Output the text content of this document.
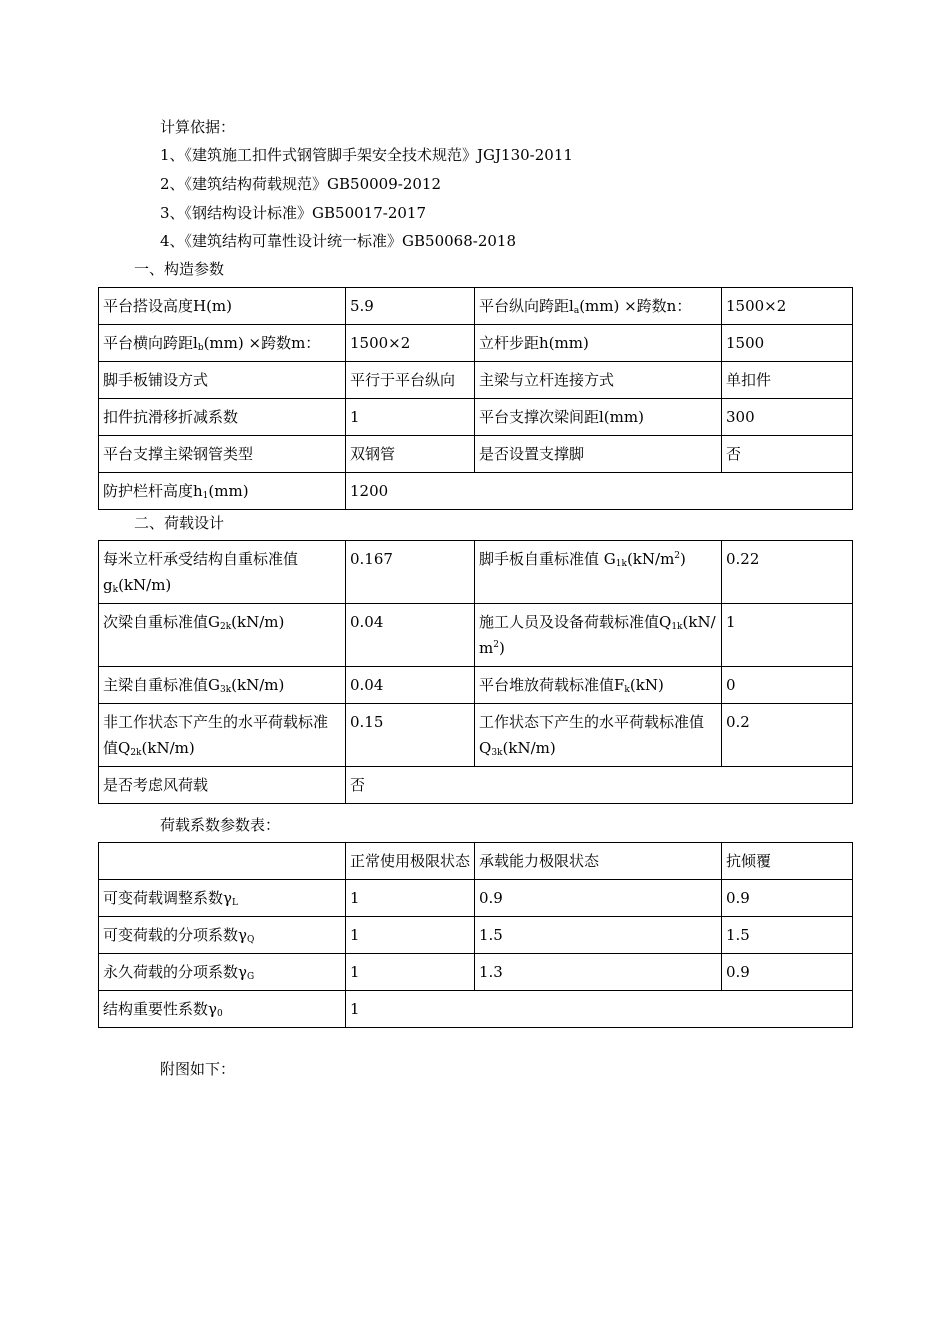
计算依据：
1、《建筑施工扣件式钢管脚手架安全技术规范》JGJ130-2011
2、《建筑结构荷载规范》GB50009-2012
3、《钢结构设计标准》GB50017-2017
4、《建筑结构可靠性设计统一标准》GB50068-2018
一、构造参数
平台搭设高度H(m)	5.9	平台纵向跨距$l_a(mm)$ ×跨数n：	1500×2
平台横向跨距$l_b(mm)$ ×跨数m：	1500×2	立杆步距h(mm)	1500
脚手板铺设方式	平行于平台纵向	主梁与立杆连接方式	单扣件
扣件抗滑移折减系数	1	平台支撑次梁间距l(mm)	300
平台支撑主梁钢管类型	双钢管	是否设置支撑脚	否
防护栏杆高度$h_1(mm)$	1200		
二、荷载设计
每米立杆承受结构自重标准值$g_k(kN/m)$	0.167	脚手板自重标准值 $G_{1k}(kN/m^2)$	0.22
次梁自重标准值$G_{2k}(kN/m)$	0.04	施工人员及设备荷载标准值$Q_{1k}(kN/m^2)$	1
主梁自重标准值$G_{3k}(kN/m)$	0.04	平台堆放荷载标准值$F_k(kN)$	0
非工作状态下产生的水平荷载标准值$Q_{2k}(kN/m)$	0.15	工作状态下产生的水平荷载标准值$Q_{3k}(kN/m)$	0.2
是否考虑风荷载	否		
荷载系数参数表：
	正常使用极限状态	承载能力极限状态	抗倾覆
可变荷载调整系数$\gamma_L$	1	0.9	0.9
可变荷载的分项系数$\gamma_Q$	1	1.5	1.5
永久荷载的分项系数$\gamma_G$	1	1.3	0.9
结构重要性系数$\gamma_0$	1		
附图如下：
